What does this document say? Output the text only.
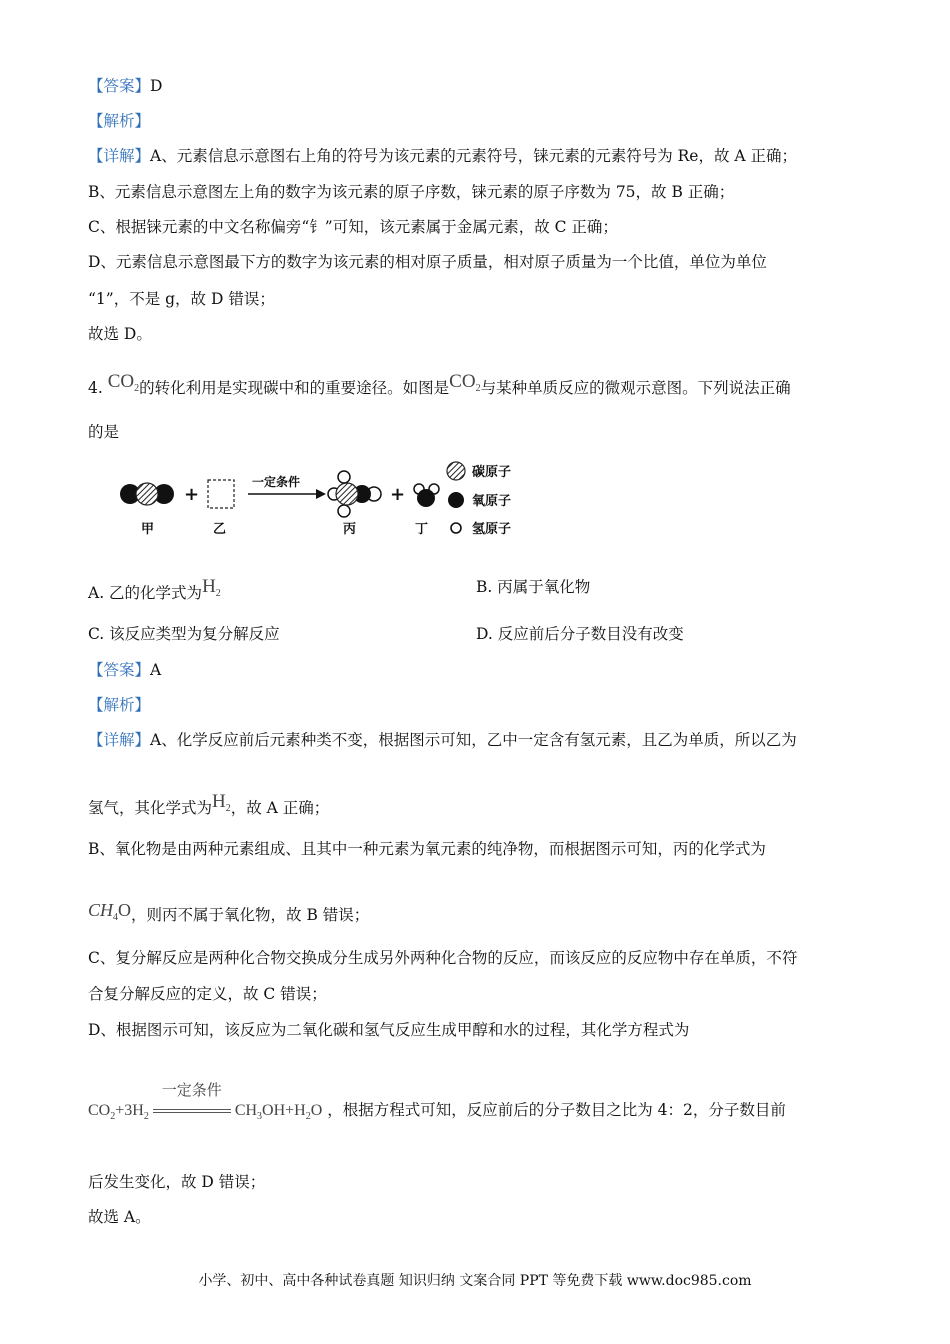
【答案】D
【解析】
【详解】A、元素信息示意图右上角的符号为该元素的元素符号，铼元素的元素符号为 Re，故 A 正确；
B、元素信息示意图左上角的数字为该元素的原子序数，铼元素的原子序数为 75，故 B 正确；
C、根据铼元素的中文名称偏旁“钅”可知，该元素属于金属元素，故 C 正确；
D、元素信息示意图最下方的数字为该元素的相对原子质量，相对原子质量为一个比值，单位为单位
“1”，不是 g，故 D 错误；
故选 D。
4. $CO_2$的转化利用是实现碳中和的重要途径。如图是$CO_2$与某种单质反应的微观示意图。下列说法正确
的是
+
一定条件
+
甲	乙	丙	丁
碳原子
氧原子
氢原子
A. 乙的化学式为$H_2$	B. 丙属于氧化物
C. 该反应类型为复分解反应	D. 反应前后分子数目没有改变
【答案】A
【解析】
【详解】A、化学反应前后元素种类不变，根据图示可知，乙中一定含有氢元素，且乙为单质，所以乙为
氢气，其化学式为$H_2$，故 A 正确；
B、氧化物是由两种元素组成、且其中一种元素为氧元素的纯净物，而根据图示可知，丙的化学式为
$CH_4O$，则丙不属于氧化物，故 B 错误；
C、复分解反应是两种化合物交换成分生成另外两种化合物的反应，而该反应的反应物中存在单质，不符
合复分解反应的定义，故 C 错误；
D、根据图示可知，该反应为二氧化碳和氢气反应生成甲醇和水的过程，其化学方程式为
$CO_2+3H_2$
一定条件
$CH_3OH+H_2O$ ，根据方程式可知，反应前后的分子数目之比为 4：2，分子数目前
后发生变化，故 D 错误；
故选 A。
小学、初中、高中各种试卷真题 知识归纳 文案合同 PPT 等免费下载 www.doc985.com
